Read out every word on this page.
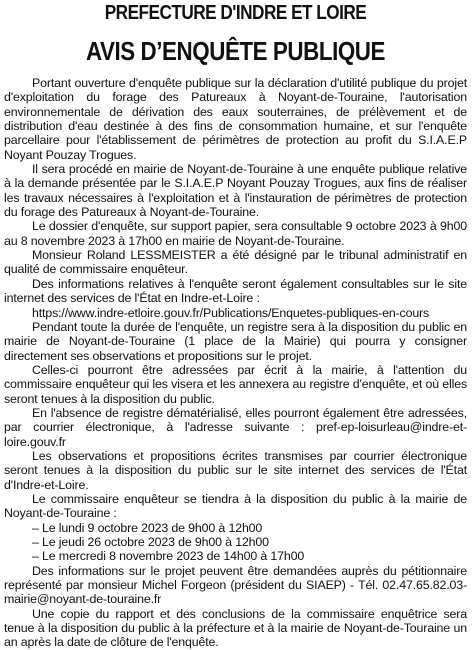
PREFECTURE D'INDRE ET LOIRE
AVIS D’ENQUÊTE PUBLIQUE

Portant ouverture d'enquête publique sur la déclaration d'utilité publique du projet d'exploitation du forage des Patureaux à Noyant-de-Touraine, l'autorisation environnementale de dérivation des eaux souterraines, de prélèvement et de distribution d'eau destinée à des fins de consommation humaine, et sur l'enquête parcellaire pour l'établissement de périmètres de protection au profit du S.I.A.E.P Noyant Pouzay Trogues.

Il sera procédé en mairie de Noyant-de-Touraine à une enquête publique relative à la demande présentée par le S.I.A.E.P Noyant Pouzay Trogues, aux fins de réaliser les travaux nécessaires à l'exploitation et à l'instauration de périmètres de protection du forage des Patureaux à Noyant-de-Touraine.

Le dossier d'enquête, sur support papier, sera consultable 9 octobre 2023 à 9h00 au 8 novembre 2023 à 17h00 en mairie de Noyant-de-Touraine.

Monsieur Roland LESSMEISTER a été désigné par le tribunal administratif en qualité de commissaire enquêteur.

Des informations relatives à l'enquête seront également consultables sur le site internet des services de l'État en Indre-et-Loire :

https://www.indre-etloire.gouv.fr/Publications/Enquetes-publiques-en-cours

Pendant toute la durée de l'enquête, un registre sera à la disposition du public en mairie de Noyant-de-Touraine (1 place de la Mairie) qui pourra y consigner directement ses observations et propositions sur le projet.

Celles-ci pourront être adressées par écrit à la mairie, à l'attention du commissaire enquêteur qui les visera et les annexera au registre d'enquête, et où elles seront tenues à la disposition du public.

En l'absence de registre dématérialisé, elles pourront également être adressées, par courrier électronique, à l'adresse suivante : pref-ep-loisurleau@indre-et-loire.gouv.fr

Les observations et propositions écrites transmises par courrier électronique seront tenues à la disposition du public sur le site internet des services de l'État d'Indre-et-Loire.

Le commissaire enquêteur se tiendra à la disposition du public à la mairie de Noyant-de-Touraine :

– Le lundi 9 octobre 2023 de 9h00 à 12h00
– Le jeudi 26 octobre 2023 de 9h00 à 12h00
– Le mercredi 8 novembre 2023 de 14h00 à 17h00

Des informations sur le projet peuvent être demandées auprès du pétitionnaire représenté par monsieur Michel Forgeon (président du SIAEP) - Tél. 02.47.65.82.03- mairie@noyant-de-touraine.fr

Une copie du rapport et des conclusions de la commissaire enquêtrice sera tenue à la disposition du public à la préfecture et à la mairie de Noyant-de-Touraine un an après la date de clôture de l'enquête.
